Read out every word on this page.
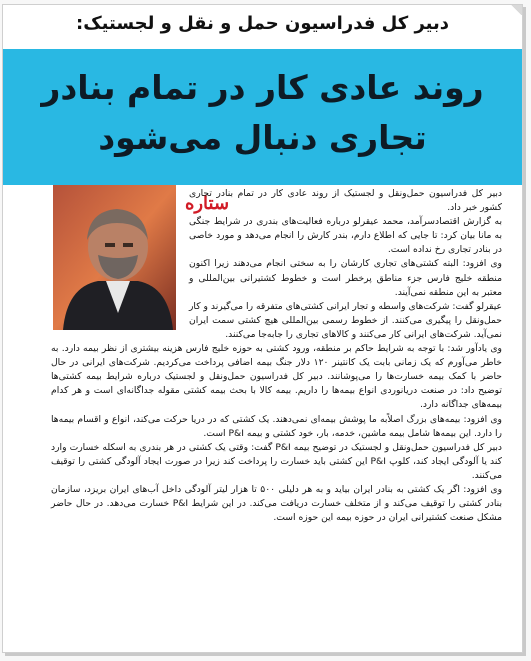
دبیر کل فدراسیون حمل و نقل و لجستیک:
روند عادی کار در تمام بنادر تجاری دنبال می‌شود
ستاره

دبیر کل فدراسیون حمل‌ونقل و لجستیک از روند عادی کار در تمام بنادر تجاری کشور خبر داد.

به گزارش اقتصادسرآمد، محمد عیقرلو درباره فعالیت‌های بندری در شرایط جنگی به مانا بیان کرد: تا جایی که اطلاع دارم، بندر کارش را انجام می‌دهد و مورد خاصی در بنادر تجاری رخ نداده است.

وی افزود: البته کشتی‌های تجاری کارشان را به سختی انجام می‌دهند زیرا اکنون منطقه خلیج فارس جزء مناطق پرخطر است و خطوط کشتیرانی بین‌المللی و معتبر به این منطقه نمی‌آیند.

عیقرلو گفت: شرکت‌های واسطه و تجار ایرانی کشتی‌های متفرقه را می‌گیرند و کار حمل‌ونقل را پیگیری می‌کنند. از خطوط رسمی بین‌المللی هیچ کشتی سمت ایران نمی‌آید. شرکت‌های ایرانی کار می‌کنند و کالاهای تجاری را جابه‌جا می‌کنند.

وی یادآور شد: با توجه به شرایط حاکم بر منطقه، ورود کشتی به حوزه خلیج فارس هزینه بیشتری از نظر بیمه دارد. به خاطر می‌آورم که یک زمانی بابت یک کانتینر ۱۲۰ دلار جنگ بیمه اضافی پرداخت می‌کردیم. شرکت‌های ایرانی در حال حاضر با کمک بیمه خسارت‌ها را می‌پوشانند. دبیر کل فدراسیون حمل‌ونقل و لجستیک درباره شرایط بیمه کشتی‌ها توضیح داد: در صنعت دریانوردی انواع بیمه‌ها را داریم. بیمه کالا با بحث بیمه کشتی مقوله جداگانه‌ای است و هر کدام بیمه‌های جداگانه دارد.

وی افزود: بیمه‌های بزرگ اصلاً‌به ما پوشش بیمه‌ای نمی‌دهند. یک کشتی که در دریا حرکت می‌کند، انواع و اقسام بیمه‌ها را دارد. این بیمه‌ها شامل بیمه ماشین، خدمه، بار، خود کشتی و بیمه P&I است.

دبیر کل فدراسیون حمل‌ونقل و لجستیک در توضیح بیمه P&I گفت: وقتی یک کشتی در هر بندری به اسکله خسارت وارد کند یا آلودگی ایجاد کند، کلوپ P&I این کشتی باید خسارت را پرداخت کند زیرا در صورت ایجاد آلودگی کشتی را توقیف می‌کنند.

وی افزود: اگر یک کشتی به بنادر ایران بیاید و به هر دلیلی ۵۰۰ تا هزار لیتر آلودگی داخل آب‌های ایران بریزد، سازمان بنادر کشتی را توقیف می‌کند و از متخلف خسارت دریافت می‌کند. در این شرایط P&I خسارت می‌دهد. در حال حاضر مشکل صنعت کشتیرانی ایران در حوزه بیمه این حوزه است.
